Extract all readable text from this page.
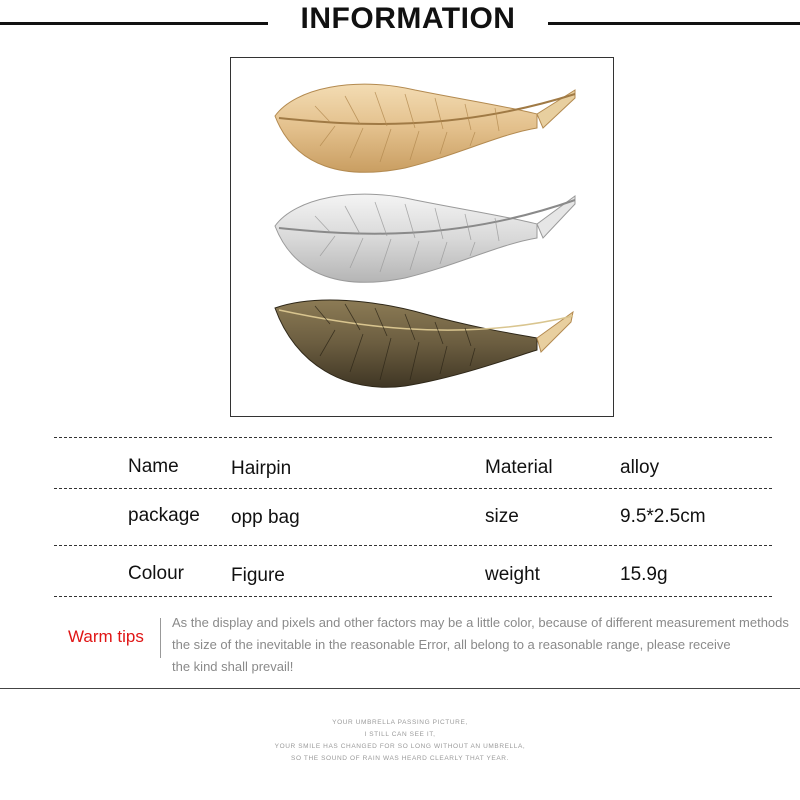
INFORMATION
Name	Hairpin	Material	alloy
package opp bag	size	9.5*2.5cm
Colour Figure	weight	15.9g
Warm tips
As the display and pixels and other factors may be a little color, because of different measurement methods
the size of the inevitable in the reasonable Error, all belong to a reasonable range, please receive
the kind shall prevail!
YOUR UMBRELLA PASSING PICTURE,
I STILL CAN SEE IT,
YOUR SMILE HAS CHANGED FOR SO LONG WITHOUT AN UMBRELLA,
SO THE SOUND OF RAIN WAS HEARD CLEARLY THAT YEAR.
